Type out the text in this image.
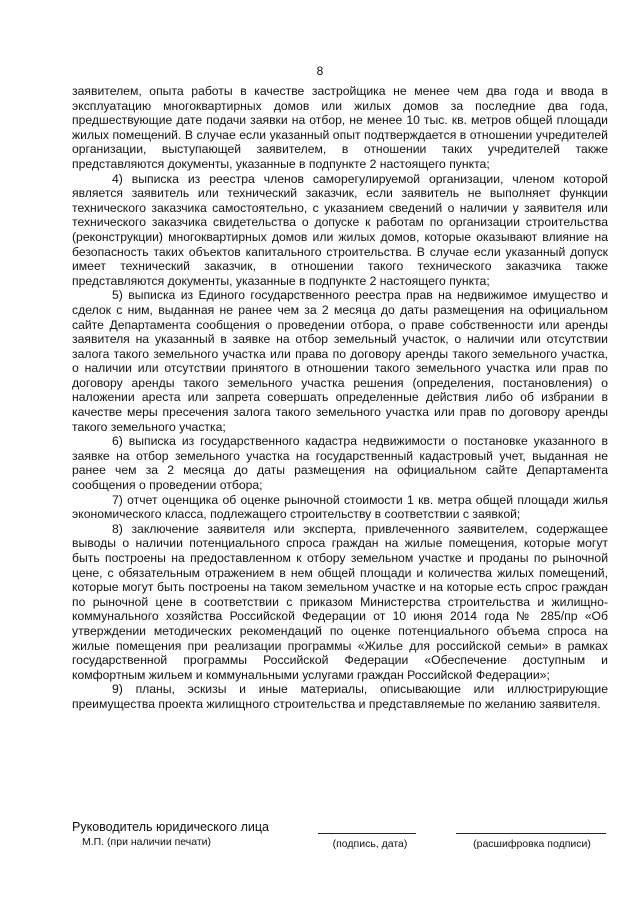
8

заявителем, опыта работы в качестве застройщика не менее чем два года и ввода в эксплуатацию многоквартирных домов или жилых домов за последние два года, предшествующие дате подачи заявки на отбор, не менее 10 тыс. кв. метров общей площади жилых помещений. В случае если указанный опыт подтверждается в отношении учредителей организации, выступающей заявителем, в отношении таких учредителей также представляются документы, указанные в подпункте 2 настоящего пункта;

4) выписка из реестра членов саморегулируемой организации, членом которой является заявитель или технический заказчик, если заявитель не выполняет функции технического заказчика самостоятельно, с указанием сведений о наличии у заявителя или технического заказчика свидетельства о допуске к работам по организации строительства (реконструкции) многоквартирных домов или жилых домов, которые оказывают влияние на безопасность таких объектов капитального строительства. В случае если указанный допуск имеет технический заказчик, в отношении такого технического заказчика также представляются документы, указанные в подпункте 2 настоящего пункта;

5) выписка из Единого государственного реестра прав на недвижимое имущество и сделок с ним, выданная не ранее чем за 2 месяца до даты размещения на официальном сайте Департамента сообщения о проведении отбора, о праве собственности или аренды заявителя на указанный в заявке на отбор земельный участок, о наличии или отсутствии залога такого земельного участка или права по договору аренды такого земельного участка, о наличии или отсутствии принятого в отношении такого земельного участка или прав по договору аренды такого земельного участка решения (определения, постановления) о наложении ареста или запрета совершать определенные действия либо об избрании в качестве меры пресечения залога такого земельного участка или прав по договору аренды такого земельного участка;

6) выписка из государственного кадастра недвижимости о постановке указанного в заявке на отбор земельного участка на государственный кадастровый учет, выданная не ранее чем за 2 месяца до даты размещения на официальном сайте Департамента сообщения о проведении отбора;

7) отчет оценщика об оценке рыночной стоимости 1 кв. метра общей площади жилья экономического класса, подлежащего строительству в соответствии с заявкой;

8) заключение заявителя или эксперта, привлеченного заявителем, содержащее выводы о наличии потенциального спроса граждан на жилые помещения, которые могут быть построены на предоставленном к отбору земельном участке и проданы по рыночной цене, с обязательным отражением в нем общей площади и количества жилых помещений, которые могут быть построены на таком земельном участке и на которые есть спрос граждан по рыночной цене в соответствии с приказом Министерства строительства и жилищно-коммунального хозяйства Российской Федерации от 10 июня 2014 года № 285/пр «Об утверждении методических рекомендаций по оценке потенциального объема спроса на жилые помещения при реализации программы «Жилье для российской семьи» в рамках государственной программы Российской Федерации «Обеспечение доступным и комфортным жильем и коммунальными услугами граждан Российской Федерации»;

9) планы, эскизы и иные материалы, описывающие или иллюстрирующие преимущества проекта жилищного строительства и представляемые по желанию заявителя.

Руководитель юридического лица
М.П. (при наличии печати)	(подпись, дата)	(расшифровка подписи)
